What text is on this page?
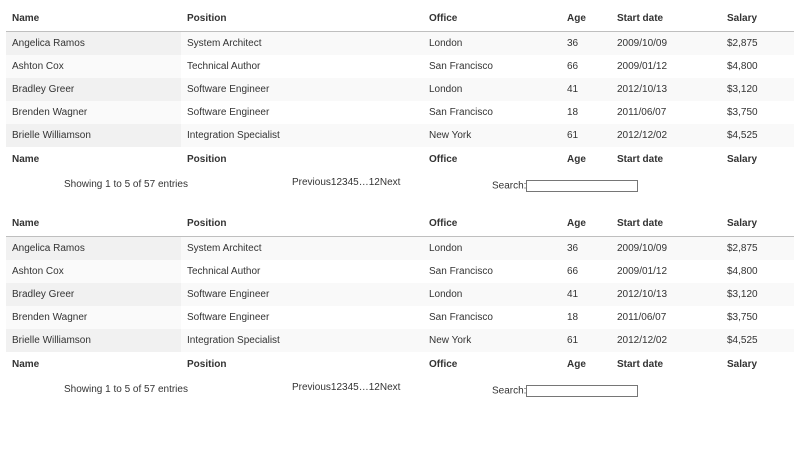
Name	Position	Office	Age	Start date	Salary
Angelica Ramos	System Architect	London	36	2009/10/09	$2,875
Ashton Cox	Technical Author	San Francisco	66	2009/01/12	$4,800
Bradley Greer	Software Engineer	London	41	2012/10/13	$3,120
Brenden Wagner	Software Engineer	San Francisco	18	2011/06/07	$3,750
Brielle Williamson	Integration Specialist	New York	61	2012/12/02	$4,525
Name	Position	Office	Age	Start date	Salary
Showing 1 to 5 of 57 entries	Previous12345…12Next	Search:
Name	Position	Office	Age	Start date	Salary
Angelica Ramos	System Architect	London	36	2009/10/09	$2,875
Ashton Cox	Technical Author	San Francisco	66	2009/01/12	$4,800
Bradley Greer	Software Engineer	London	41	2012/10/13	$3,120
Brenden Wagner	Software Engineer	San Francisco	18	2011/06/07	$3,750
Brielle Williamson	Integration Specialist	New York	61	2012/12/02	$4,525
Name	Position	Office	Age	Start date	Salary
Showing 1 to 5 of 57 entries	Previous12345…12Next	Search:
